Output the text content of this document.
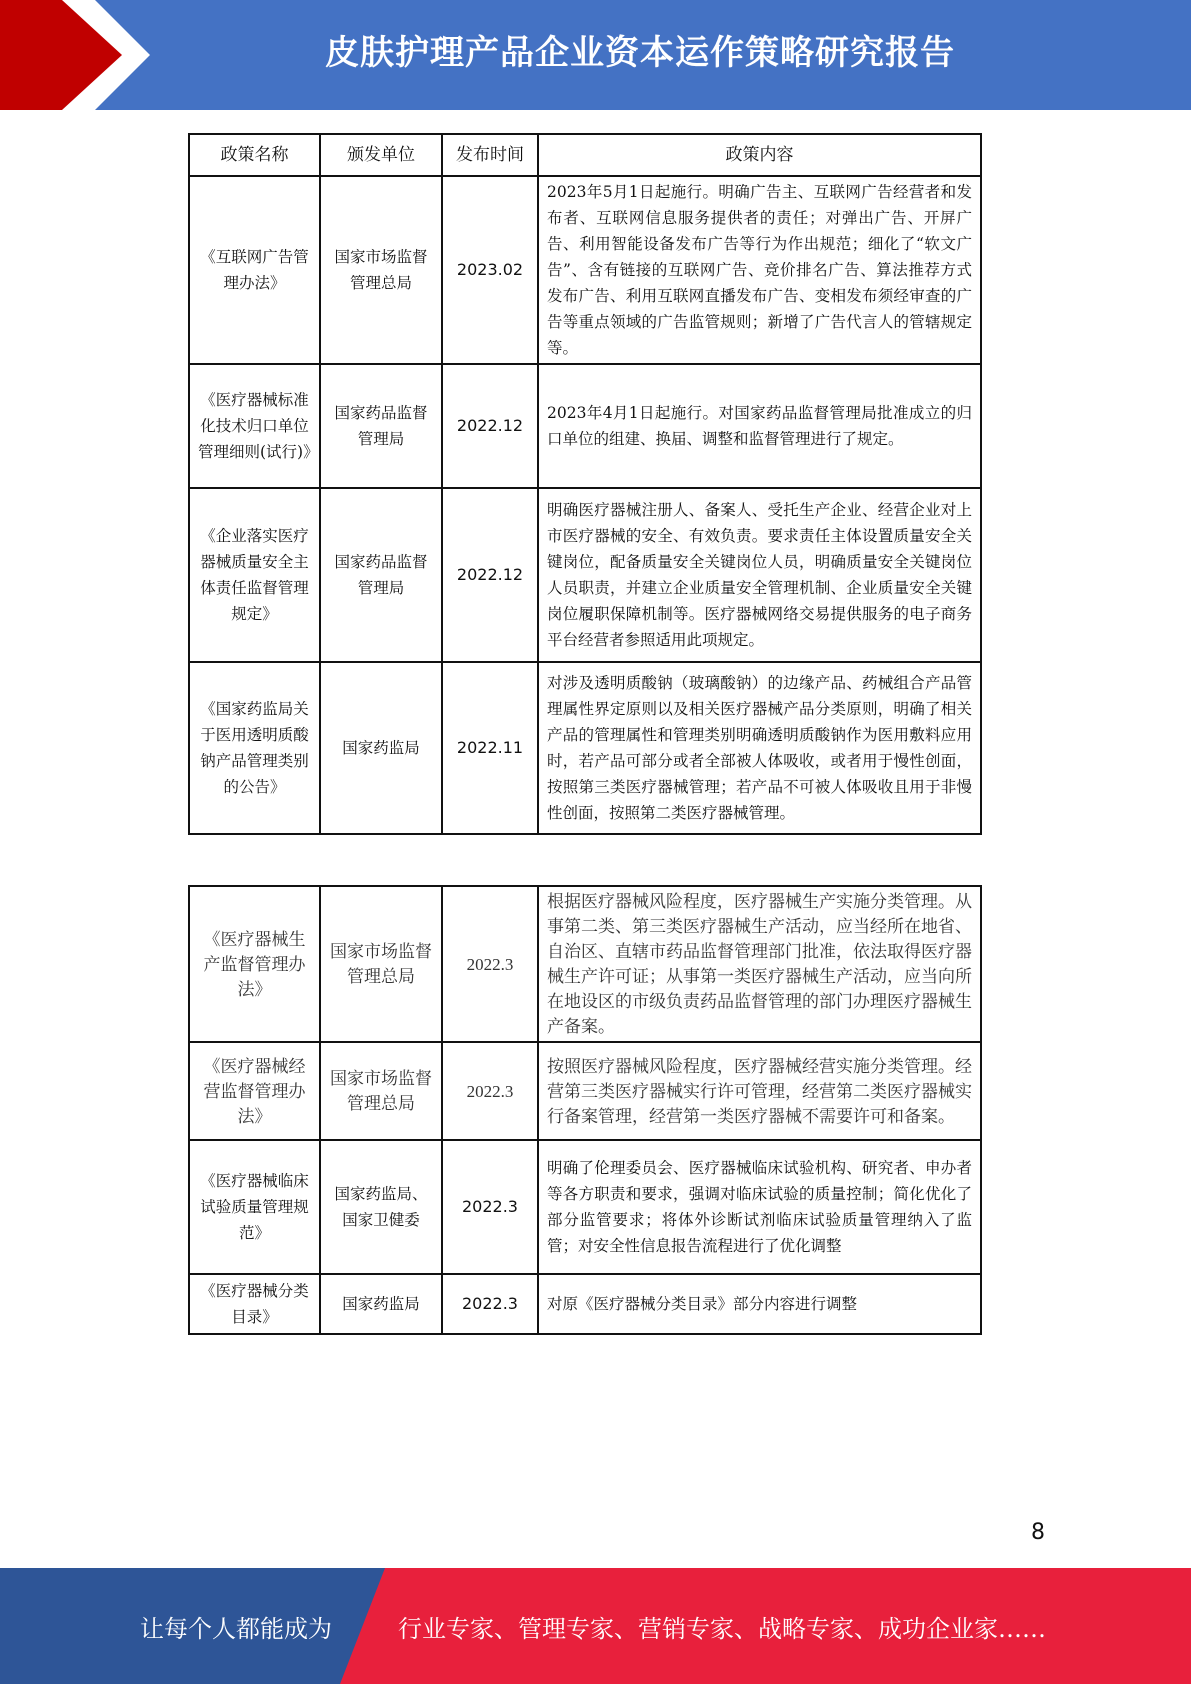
皮肤护理产品企业资本运作策略研究报告
政策名称	颁发单位	发布时间	政策内容
《互联网广告管理办法》	国家市场监督管理总局	2023.02	2023年5月1日起施行。明确广告主、互联网广告经营者和发布者、互联网信息服务提供者的责任；对弹出广告、开屏广告、利用智能设备发布广告等行为作出规范；细化了“软文广告”、含有链接的互联网广告、竞价排名广告、算法推荐方式发布广告、利用互联网直播发布广告、变相发布须经审查的广告等重点领域的广告监管规则；新增了广告代言人的管辖规定等。
《医疗器械标准化技术归口单位管理细则(试行)》	国家药品监督管理局	2022.12	2023年4月1日起施行。对国家药品监督管理局批准成立的归口单位的组建、换届、调整和监督管理进行了规定。
《企业落实医疗器械质量安全主体责任监督管理规定》	国家药品监督管理局	2022.12	明确医疗器械注册人、备案人、受托生产企业、经营企业对上市医疗器械的安全、有效负责。要求责任主体设置质量安全关键岗位，配备质量安全关键岗位人员，明确质量安全关键岗位人员职责，并建立企业质量安全管理机制、企业质量安全关键岗位履职保障机制等。医疗器械网络交易提供服务的电子商务平台经营者参照适用此项规定。
《国家药监局关于医用透明质酸钠产品管理类别的公告》	国家药监局	2022.11	对涉及透明质酸钠（玻璃酸钠）的边缘产品、药械组合产品管理属性界定原则以及相关医疗器械产品分类原则，明确了相关产品的管理属性和管理类别明确透明质酸钠作为医用敷料应用时，若产品可部分或者全部被人体吸收，或者用于慢性创面，按照第三类医疗器械管理；若产品不可被人体吸收且用于非慢性创面，按照第二类医疗器械管理。
《医疗器械生产监督管理办法》	国家市场监督管理总局	2022.3	根据医疗器械风险程度，医疗器械生产实施分类管理。从事第二类、第三类医疗器械生产活动，应当经所在地省、自治区、直辖市药品监督管理部门批准，依法取得医疗器械生产许可证；从事第一类医疗器械生产活动，应当向所在地设区的市级负责药品监督管理的部门办理医疗器械生产备案。
《医疗器械经营监督管理办法》	国家市场监督管理总局	2022.3	按照医疗器械风险程度，医疗器械经营实施分类管理。经营第三类医疗器械实行许可管理，经营第二类医疗器械实行备案管理，经营第一类医疗器械不需要许可和备案。
《医疗器械临床试验质量管理规范》	国家药监局、国家卫健委	2022.3	明确了伦理委员会、医疗器械临床试验机构、研究者、申办者等各方职责和要求，强调对临床试验的质量控制；简化优化了部分监管要求；将体外诊断试剂临床试验质量管理纳入了监管；对安全性信息报告流程进行了优化调整
《医疗器械分类目录》	国家药监局	2022.3	对原《医疗器械分类目录》部分内容进行调整
8
让每个人都能成为	行业专家、管理专家、营销专家、战略专家、成功企业家……
